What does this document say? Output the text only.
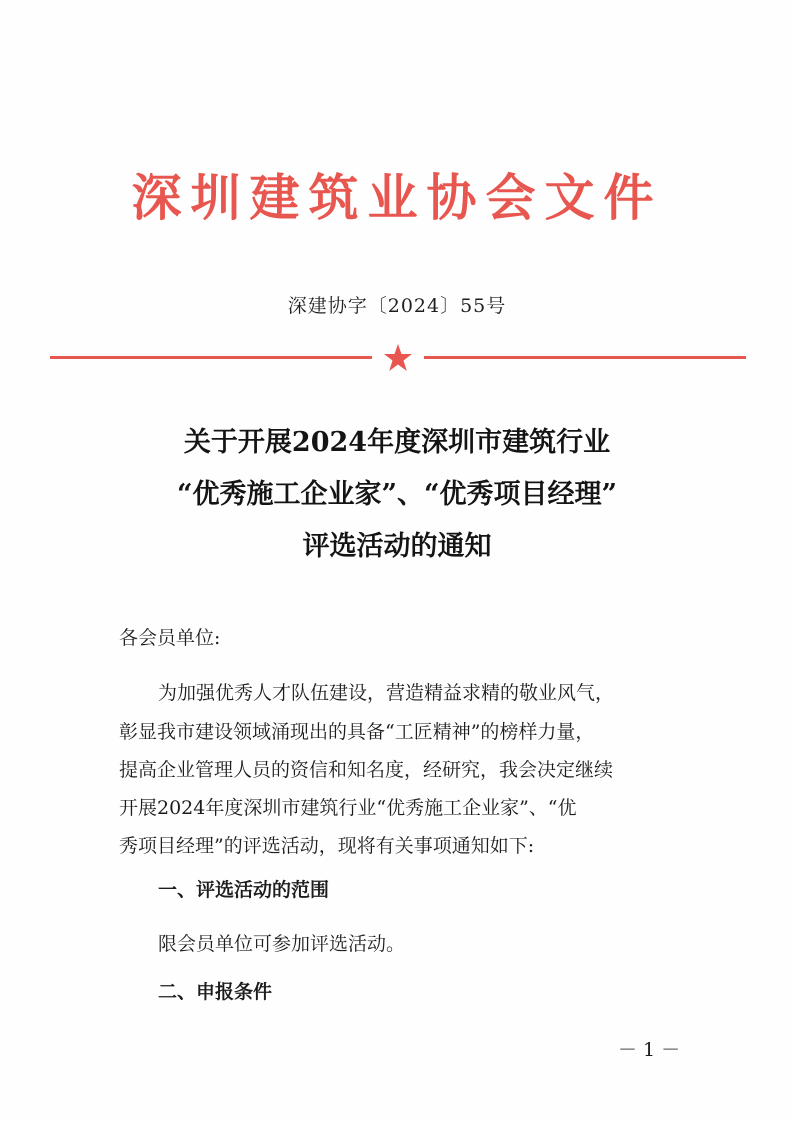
深圳建筑业协会文件
深建协字〔2024〕55号
关于开展2024年度深圳市建筑行业
“优秀施工企业家”、“优秀项目经理”
评选活动的通知
各会员单位:
为加强优秀人才队伍建设，营造精益求精的敬业风气，
彰显我市建设领域涌现出的具备“工匠精神”的榜样力量，
提高企业管理人员的资信和知名度，经研究，我会决定继续
开展2024年度深圳市建筑行业“优秀施工企业家”、“优
秀项目经理”的评选活动，现将有关事项通知如下:
一、评选活动的范围
限会员单位可参加评选活动。
二、申报条件
－ 1 －
